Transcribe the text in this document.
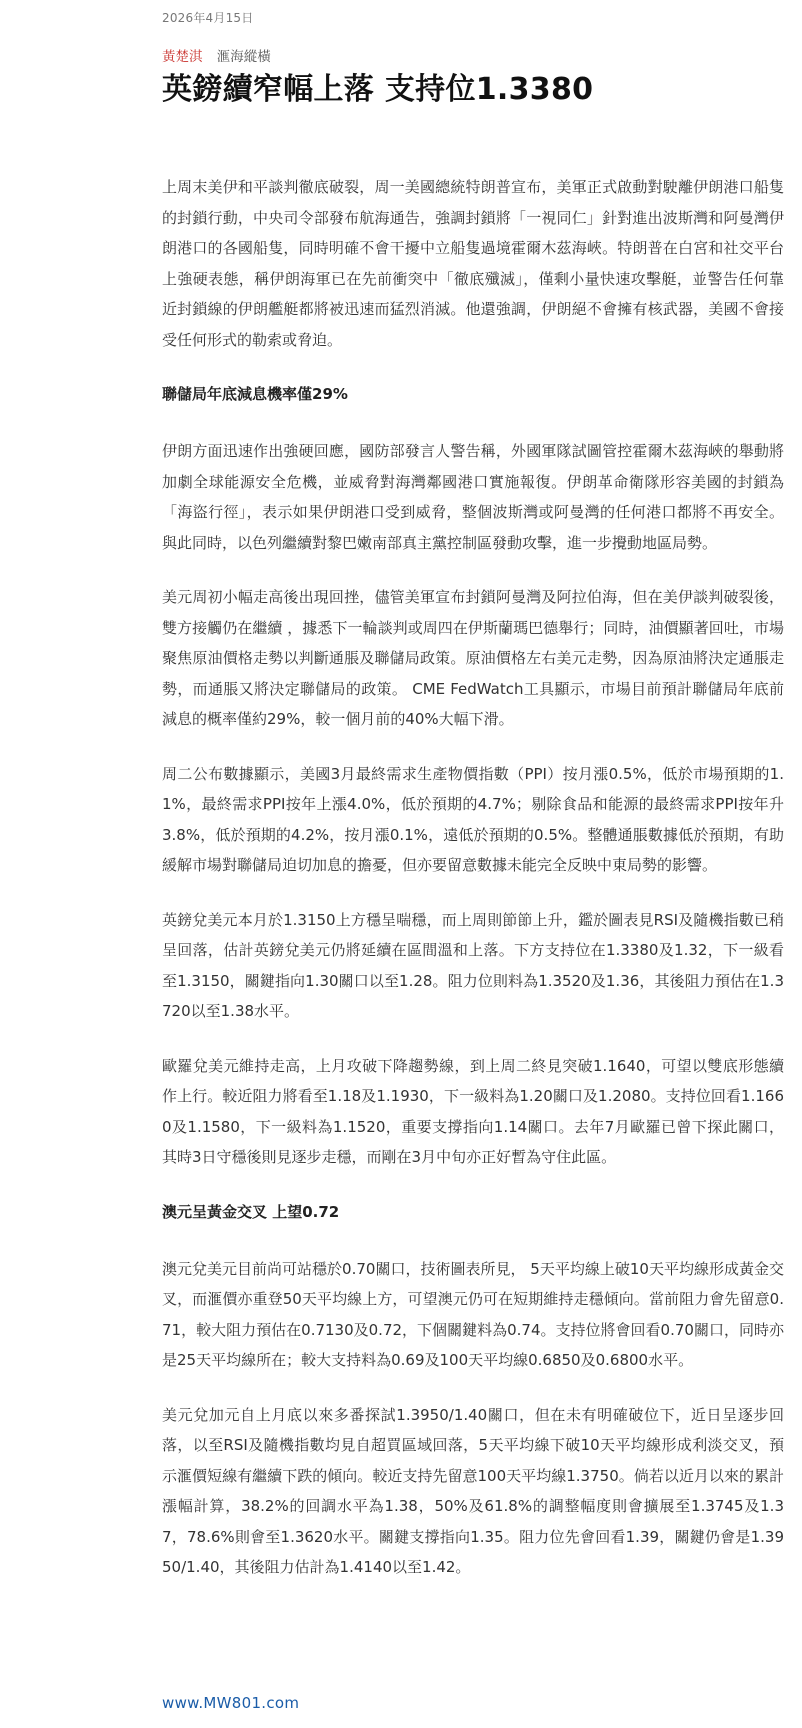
2026年4月15日
黃楚淇 滙海縱橫
英鎊續窄幅上落 支持位1.3380

上周末美伊和平談判徹底破裂，周一美國總統特朗普宣布，美軍正式啟動對駛離伊朗港口船隻的封鎖行動，中央司令部發布航海通告，強調封鎖將「一視同仁」針對進出波斯灣和阿曼灣伊朗港口的各國船隻，同時明確不會干擾中立船隻過境霍爾木茲海峽。特朗普在白宮和社交平台上強硬表態，稱伊朗海軍已在先前衝突中「徹底殲滅」，僅剩小量快速攻擊艇，並警告任何靠近封鎖線的伊朗艦艇都將被迅速而猛烈消滅。他還強調，伊朗絕不會擁有核武器，美國不會接受任何形式的勒索或脅迫。

聯儲局年底減息機率僅29%

伊朗方面迅速作出強硬回應，國防部發言人警告稱，外國軍隊試圖管控霍爾木茲海峽的舉動將加劇全球能源安全危機，並威脅對海灣鄰國港口實施報復。伊朗革命衛隊形容美國的封鎖為「海盜行徑」，表示如果伊朗港口受到威脅，整個波斯灣或阿曼灣的任何港口都將不再安全。與此同時，以色列繼續對黎巴嫩南部真主黨控制區發動攻擊，進一步攪動地區局勢。

美元周初小幅走高後出現回挫，儘管美軍宣布封鎖阿曼灣及阿拉伯海，但在美伊談判破裂後，雙方接觸仍在繼續 ，據悉下一輪談判或周四在伊斯蘭瑪巴德舉行；同時，油價顯著回吐，市場聚焦原油價格走勢以判斷通脹及聯儲局政策。原油價格左右美元走勢，因為原油將決定通脹走勢，而通脹又將決定聯儲局的政策。 CME FedWatch工具顯示，市場目前預計聯儲局年底前減息的概率僅約29%，較一個月前的40%大幅下滑。

周二公布數據顯示，美國3月最終需求生產物價指數（PPI）按月漲0.5%，低於市場預期的1.1%，最終需求PPI按年上漲4.0%，低於預期的4.7%；剔除食品和能源的最終需求PPI按年升3.8%，低於預期的4.2%，按月漲0.1%，遠低於預期的0.5%。整體通脹數據低於預期，有助緩解市場對聯儲局迫切加息的擔憂，但亦要留意數據未能完全反映中東局勢的影響。

英鎊兌美元本月於1.3150上方穩呈喘穩，而上周則節節上升，鑑於圖表見RSI及隨機指數已稍呈回落，估計英鎊兌美元仍將延續在區間溫和上落。下方支持位在1.3380及1.32，下一級看至1.3150，關鍵指向1.30關口以至1.28。阻力位則料為1.3520及1.36，其後阻力預估在1.3720以至1.38水平。

歐羅兌美元維持走高，上月攻破下降趨勢線，到上周二終見突破1.1640，可望以雙底形態續作上行。較近阻力將看至1.18及1.1930，下一級料為1.20關口及1.2080。支持位回看1.1660及1.1580，下一級料為1.1520，重要支撐指向1.14關口。去年7月歐羅已曾下探此關口，其時3日守穩後則見逐步走穩，而剛在3月中旬亦正好暫為守住此區。

澳元呈黃金交叉 上望0.72

澳元兌美元目前尚可站穩於0.70關口，技術圖表所見， 5天平均線上破10天平均線形成黃金交叉，而滙價亦重登50天平均線上方，可望澳元仍可在短期維持走穩傾向。當前阻力會先留意0.71，較大阻力預估在0.7130及0.72，下個關鍵料為0.74。支持位將會回看0.70關口，同時亦是25天平均線所在；較大支持料為0.69及100天平均線0.6850及0.6800水平。

美元兌加元自上月底以來多番探試1.3950/1.40關口，但在未有明確破位下，近日呈逐步回落，以至RSI及隨機指數均見自超買區域回落，5天平均線下破10天平均線形成利淡交叉，預示滙價短線有繼續下跌的傾向。較近支持先留意100天平均線1.3750。倘若以近月以來的累計漲幅計算，38.2%的回調水平為1.38，50%及61.8%的調整幅度則會擴展至1.3745及1.37，78.6%則會至1.3620水平。關鍵支撐指向1.35。阻力位先會回看1.39，關鍵仍會是1.3950/1.40，其後阻力估計為1.4140以至1.42。

www.MW801.com
